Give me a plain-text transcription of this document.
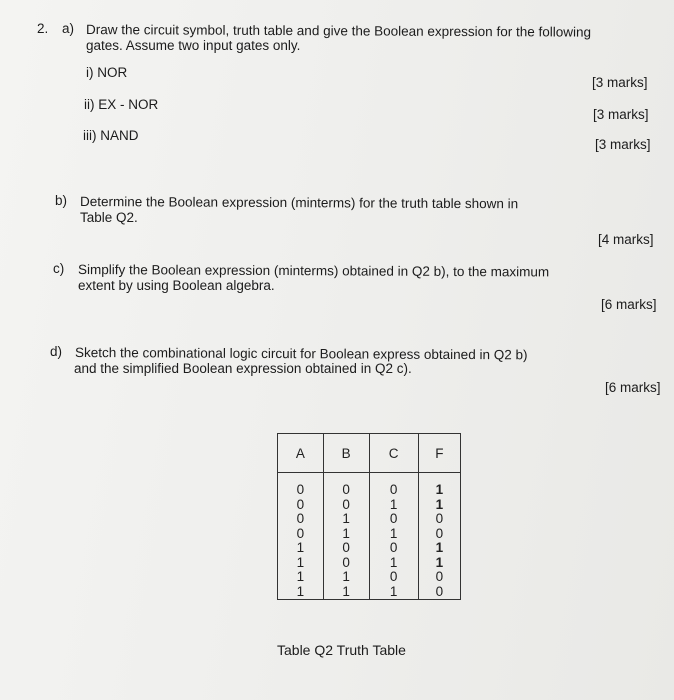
2. a) Draw the circuit symbol, truth table and give the Boolean expression for the following
gates. Assume two input gates only.
i) NOR
ii) EX - NOR
iii) NAND
[3 marks]
[3 marks]
[3 marks]
b) Determine the Boolean expression (minterms) for the truth table shown in
Table Q2.
[4 marks]
c) Simplify the Boolean expression (minterms) obtained in Q2 b), to the maximum
extent by using Boolean algebra.
[6 marks]
d) Sketch the combinational logic circuit for Boolean express obtained in Q2 b)
and the simplified Boolean expression obtained in Q2 c).
[6 marks]
A	B	C	F

0	0	0	1
0	0	1	1
0	1	0	0
0	1	1	0
1	0	0	1
1	0	1	1
1	1	0	0
1	1	1	0
Table Q2 Truth Table
